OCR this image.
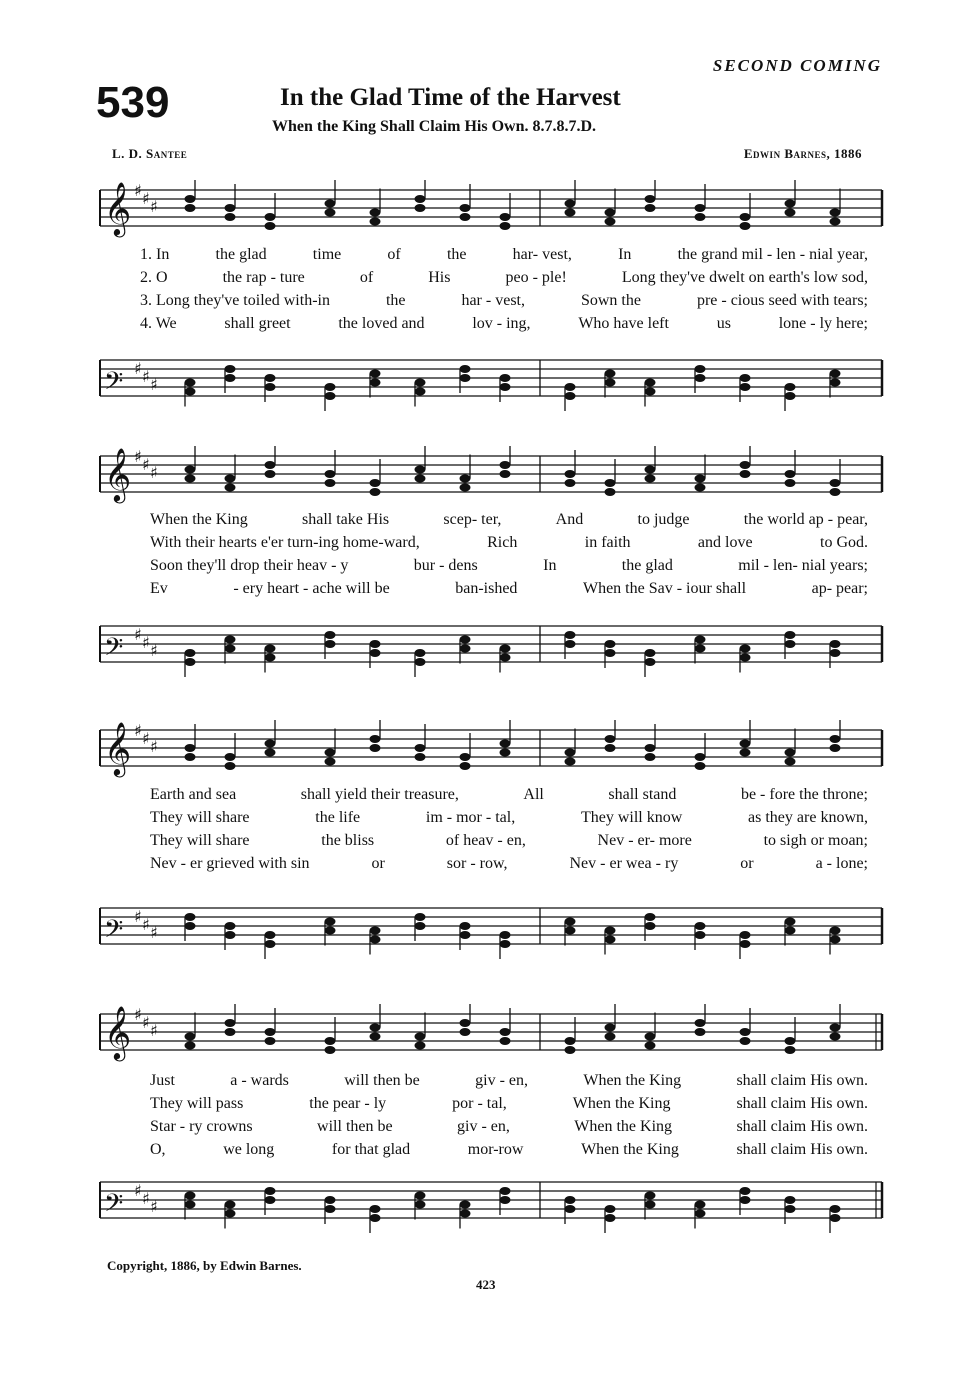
SECOND COMING
539	In the Glad Time of the Harvest
When the King Shall Claim His Own. 8.7.8.7.D.
L. D. Santee	Edwin Barnes, 1886
𝄞 ♯ ♯ ♯
𝄢 ♯ ♯ ♯
𝄞 ♯ ♯ ♯
𝄢 ♯ ♯ ♯
𝄞 ♯ ♯ ♯
𝄢 ♯ ♯ ♯
𝄞 ♯ ♯ ♯
𝄢 ♯ ♯ ♯
1. In	the glad	time	of	the	har- vest,	In	the grand mil - len - nial year,
2. O	the rap - ture	of	His	peo - ple!	Long they've dwelt on earth's low sod,
3. Long they've toiled with-in	the	har - vest,	Sown the	pre - cious seed with tears;
4. We	shall greet	the loved and	lov - ing,	Who have left	us	lone - ly here;
When the King	shall take His	scep- ter,	And	to judge	the world ap - pear,
With their hearts e'er turn-ing home-ward,	Rich	in faith	and love	to God.
Soon they'll drop their heav - y	bur - dens	In	the glad	mil - len- nial years;
Ev	- ery heart - ache will be	ban-ished	When the Sav - iour shall	ap- pear;
Earth and sea	shall yield their treasure,	All	shall stand	be - fore the throne;
They will share	the life	im - mor - tal,	They will know	as they are known,
They will share	the bliss	of heav - en,	Nev - er- more	to sigh or moan;
Nev - er grieved with sin	or	sor - row,	Nev - er wea - ry	or	a - lone;
Just	a - wards	will then be	giv - en,	When the King	shall claim His own.
They will pass	the pear - ly	por - tal,	When the King	shall claim His own.
Star - ry crowns	will then be	giv - en,	When the King	shall claim His own.
O,	we long	for that glad	mor-row	When the King	shall claim His own.
Copyright, 1886, by Edwin Barnes.
423
